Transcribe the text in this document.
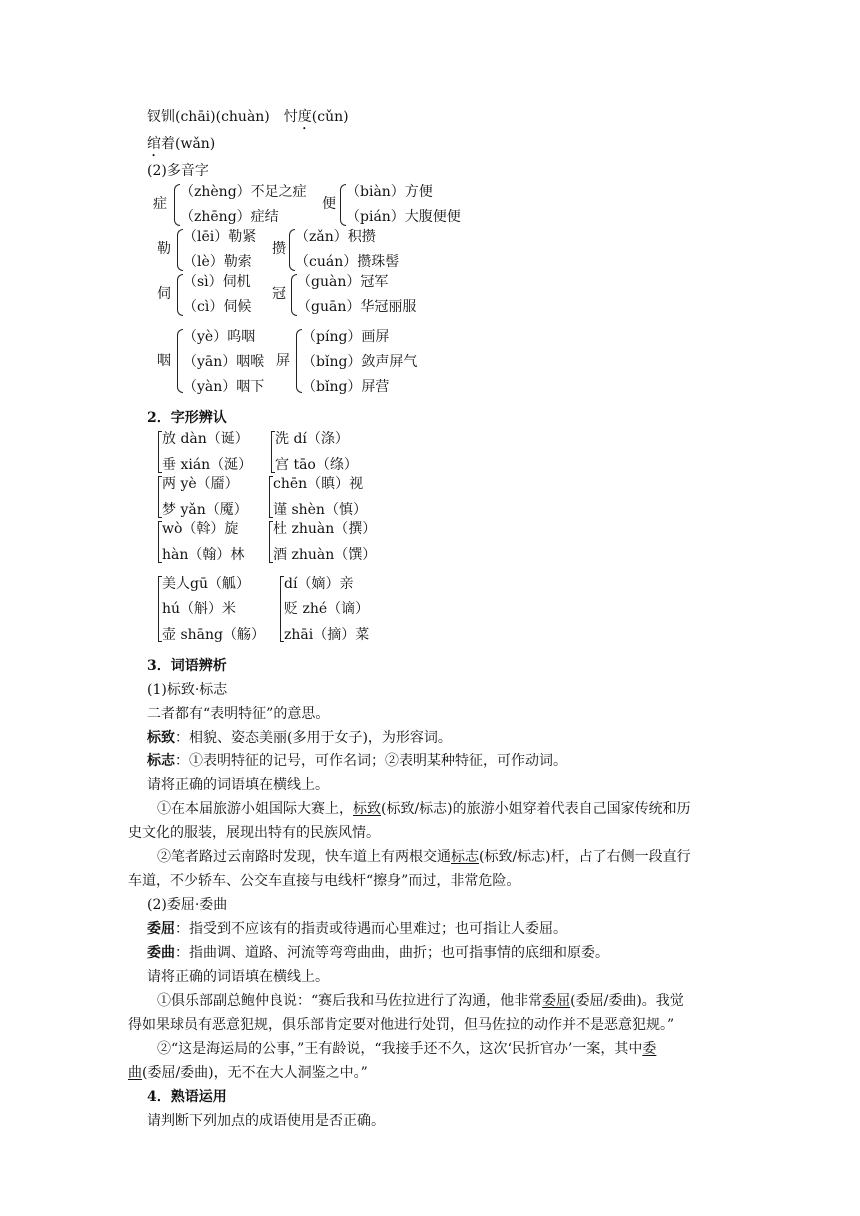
钗钏(chāi)(chuàn) 忖度(cǔn)
绾着(wǎn)
(2)多音字
症
（zhèng）不足之症
（zhēng）症结
便
（biàn）方便
（pián）大腹便便
勒
（lēi）勒紧
（lè）勒索
攒
（zǎn）积攒
（cuán）攒珠髻
伺
（sì）伺机
（cì）伺候
冠
（guàn）冠军
（guān）华冠丽服
咽
（yè）呜咽
（yān）咽喉
（yàn）咽下
屏
（píng）画屏
（bǐng）敛声屏气
（bǐng）屏营
2．字形辨认
放 dàn（诞）
垂 xián（涎）
洗 dí（涤）
宫 tāo（绦）
两 yè（靥）
梦 yǎn（魇）
chēn（瞋）视
谨 shèn（慎）
wò（斡）旋
hàn（翰）林
杜 zhuàn（撰）
酒 zhuàn（馔）
美人gū（觚）
hú（斛）米
壶 shāng（觞）
dí（嫡）亲
贬 zhé（谪）
zhāi（摘）菜
3．词语辨析
(1)标致·标志
二者都有“表明特征”的意思。
标致：相貌、姿态美丽(多用于女子)，为形容词。
标志：①表明特征的记号，可作名词；②表明某种特征，可作动词。
请将正确的词语填在横线上。
①在本届旅游小姐国际大赛上，标致(标致/标志)的旅游小姐穿着代表自己国家传统和历
史文化的服装，展现出特有的民族风情。
②笔者路过云南路时发现，快车道上有两根交通标志(标致/标志)杆，占了右侧一段直行
车道，不少轿车、公交车直接与电线杆“擦身”而过，非常危险。
(2)委屈·委曲
委屈：指受到不应该有的指责或待遇而心里难过；也可指让人委屈。
委曲：指曲调、道路、河流等弯弯曲曲，曲折；也可指事情的底细和原委。
请将正确的词语填在横线上。
①俱乐部副总鲍仲良说：“赛后我和马佐拉进行了沟通，他非常委屈(委屈/委曲)。我觉
得如果球员有恶意犯规，俱乐部肯定要对他进行处罚，但马佐拉的动作并不是恶意犯规。”
②“这是海运局的公事，”王有龄说，“我接手还不久，这次‘民折官办’一案，其中委
曲(委屈/委曲)，无不在大人洞鉴之中。”
4．熟语运用
请判断下列加点的成语使用是否正确。
